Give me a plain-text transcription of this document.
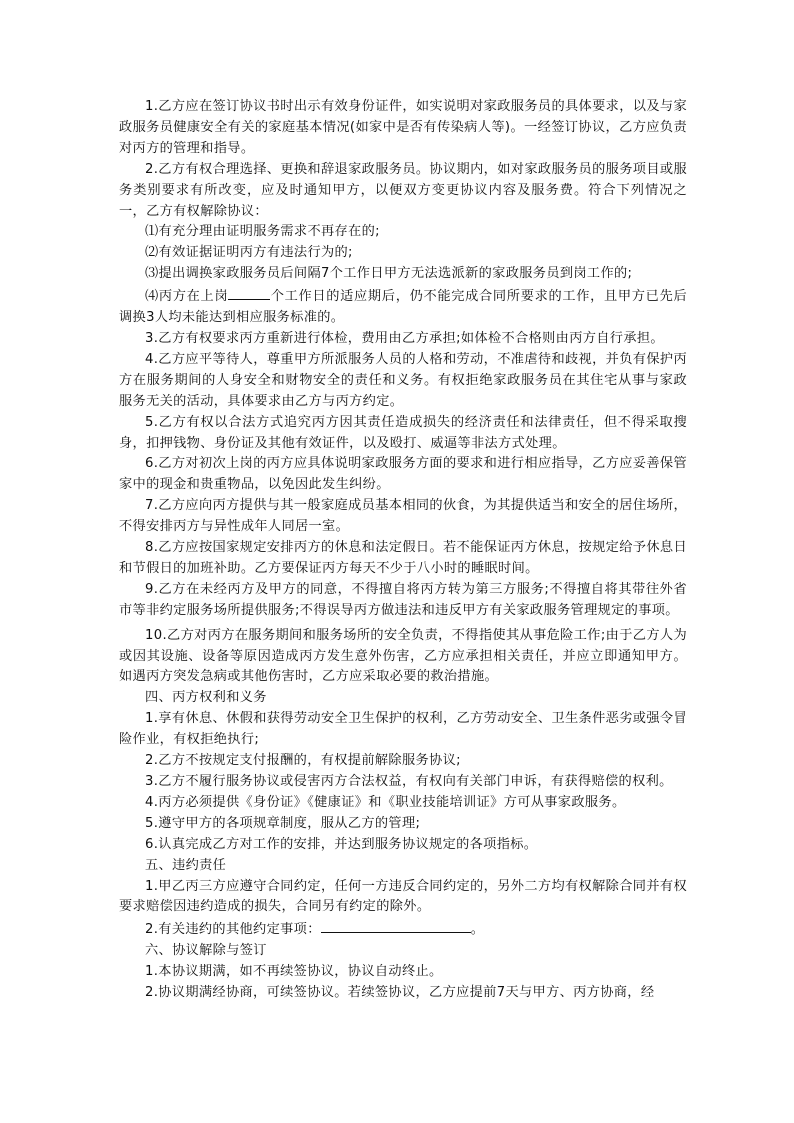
1.乙方应在签订协议书时出示有效身份证件，如实说明对家政服务员的具体要求，以及与家政服务员健康安全有关的家庭基本情况(如家中是否有传染病人等)。一经签订协议，乙方应负责对丙方的管理和指导。

2.乙方有权合理选择、更换和辞退家政服务员。协议期内，如对家政服务员的服务项目或服务类别要求有所改变，应及时通知甲方，以便双方变更协议内容及服务费。符合下列情况之一，乙方有权解除协议：

⑴有充分理由证明服务需求不再存在的;

⑵有效证据证明丙方有违法行为的;

⑶提出调换家政服务员后间隔7个工作日甲方无法选派新的家政服务员到岗工作的;

⑷丙方在上岗	个工作日的适应期后，仍不能完成合同所要求的工作，且甲方已先后调换3人均未能达到相应服务标准的。

3.乙方有权要求丙方重新进行体检，费用由乙方承担;如体检不合格则由丙方自行承担。

4.乙方应平等待人，尊重甲方所派服务人员的人格和劳动，不准虐待和歧视，并负有保护丙方在服务期间的人身安全和财物安全的责任和义务。有权拒绝家政服务员在其住宅从事与家政服务无关的活动，具体要求由乙方与丙方约定。

5.乙方有权以合法方式追究丙方因其责任造成损失的经济责任和法律责任，但不得采取搜身，扣押钱物、身份证及其他有效证件，以及殴打、威逼等非法方式处理。

6.乙方对初次上岗的丙方应具体说明家政服务方面的要求和进行相应指导，乙方应妥善保管家中的现金和贵重物品，以免因此发生纠纷。

7.乙方应向丙方提供与其一般家庭成员基本相同的伙食，为其提供适当和安全的居住场所，不得安排丙方与异性成年人同居一室。

8.乙方应按国家规定安排丙方的休息和法定假日。若不能保证丙方休息，按规定给予休息日和节假日的加班补助。乙方要保证丙方每天不少于八小时的睡眠时间。

9.乙方在未经丙方及甲方的同意，不得擅自将丙方转为第三方服务;不得擅自将其带往外省市等非约定服务场所提供服务;不得误导丙方做违法和违反甲方有关家政服务管理规定的事项。

10.乙方对丙方在服务期间和服务场所的安全负责，不得指使其从事危险工作;由于乙方人为或因其设施、设备等原因造成丙方发生意外伤害，乙方应承担相关责任，并应立即通知甲方。如遇丙方突发急病或其他伤害时，乙方应采取必要的救治措施。

四、丙方权利和义务

1.享有休息、休假和获得劳动安全卫生保护的权利，乙方劳动安全、卫生条件恶劣或强令冒险作业，有权拒绝执行;

2.乙方不按规定支付报酬的，有权提前解除服务协议;

3.乙方不履行服务协议或侵害丙方合法权益，有权向有关部门申诉，有获得赔偿的权利。

4.丙方必须提供《身份证》《健康证》和《职业技能培训证》方可从事家政服务。

5.遵守甲方的各项规章制度，服从乙方的管理;

6.认真完成乙方对工作的安排，并达到服务协议规定的各项指标。

五、违约责任

1.甲乙丙三方应遵守合同约定，任何一方违反合同约定的，另外二方均有权解除合同并有权要求赔偿因违约造成的损失，合同另有约定的除外。

2.有关违约的其他约定事项：	。

六、协议解除与签订

1.本协议期满，如不再续签协议，协议自动终止。

2.协议期满经协商，可续签协议。若续签协议，乙方应提前7天与甲方、丙方协商，经
